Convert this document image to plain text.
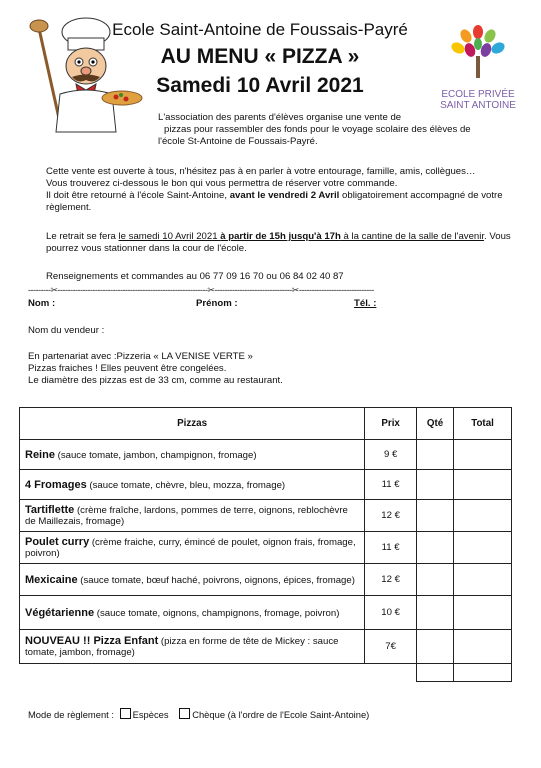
Ecole Saint-Antoine de Foussais-Payré
AU MENU « PIZZA »
Samedi 10 Avril 2021	ECOLE PRIVÉE
SAINT ANTOINE
L'association des parents d'élèves organise une vente de
pizzas pour rassembler des fonds pour le voyage scolaire des élèves de
l'école St-Antoine de Foussais-Payré.
Cette vente est ouverte à tous, n'hésitez pas à en parler à votre entourage, famille, amis, collègues…
Vous trouverez ci-dessous le bon qui vous permettra de réserver votre commande.
Il doit être retourné à l'école Saint-Antoine, avant le vendredi 2 Avril obligatoirement accompagné de votre
règlement.
Le retrait se fera le samedi 10 Avril 2021 à partir de 15h jusqu'à 17h à la cantine de la salle de l'avenir. Vous
pourrez vous stationner dans la cour de l'école.
Renseignements et commandes au 06 77 09 16 70 ou 06 84 02 40 87
---------✂------------------------------------------------------------✂-------------------------------✂------------------------------
Nom :	Prénom :	Tél. :
Nom du vendeur :
En partenariat avec :Pizzeria « LA VENISE VERTE »
Pizzas fraiches ! Elles peuvent être congelées.
Le diamètre des pizzas est de 33 cm, comme au restaurant.
Pizzas	Prix	Qté	Total
Reine (sauce tomate, jambon, champignon, fromage)	9 €		
4 Fromages (sauce tomate, chèvre, bleu, mozza, fromage)	11 €		
Tartiflette (crème fraîche, lardons, pommes de terre, oignons, reblochèvre de Maillezais, fromage)	12 €		
Poulet curry (crème fraiche, curry, émincé de poulet, oignon frais, fromage, poivron)	11 €		
Mexicaine (sauce tomate, bœuf haché, poivrons, oignons, épices, fromage)	12 €		
Végétarienne (sauce tomate, oignons, champignons, fromage, poivron)	10 €		
NOUVEAU !! Pizza Enfant (pizza en forme de tête de Mickey : sauce tomate, jambon, fromage)	7€		

Mode de règlement : Espèces	Chèque (à l'ordre de l'Ecole Saint-Antoine)
